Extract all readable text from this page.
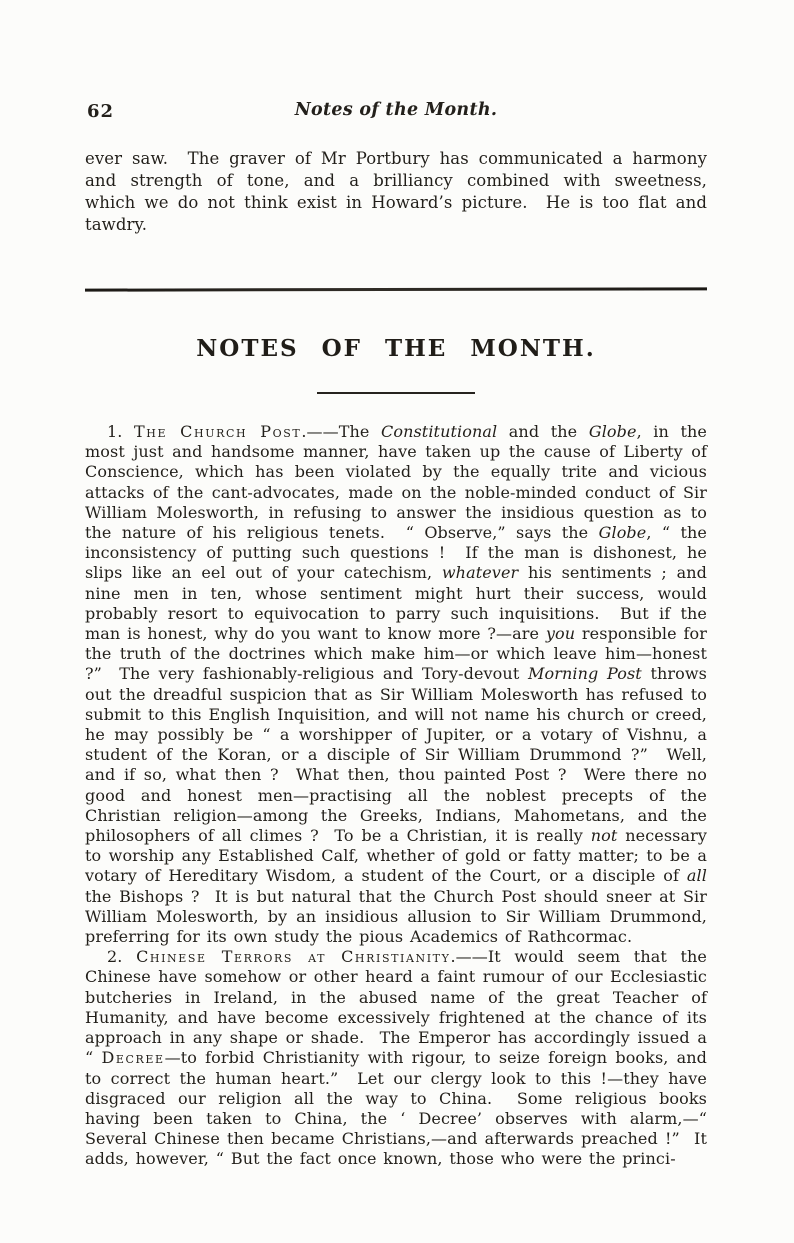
62	Notes of the Month.

ever saw.  The graver of Mr Portbury has communicated a harmony and strength of tone, and a brilliancy combined with sweetness, which we do not think exist in Howard’s picture.  He is too flat and tawdry.

NOTES OF THE MONTH.

1. The Church Post.——The Constitutional and the Globe, in the most just and handsome manner, have taken up the cause of Liberty of Conscience, which has been violated by the equally trite and vicious attacks of the cant-advocates, made on the noble-minded conduct of Sir William Molesworth, in refusing to answer the insidious question as to the nature of his religious tenets.  “ Observe,” says the Globe, “ the inconsistency of putting such questions !  If the man is dishonest, he slips like an eel out of your catechism, whatever his sentiments ; and nine men in ten, whose sentiment might hurt their success, would probably resort to equivocation to parry such inquisitions.  But if the man is honest, why do you want to know more ?—are you responsible for the truth of the doctrines which make him—or which leave him—honest ?”  The very fashionably-religious and Tory-devout Morning Post throws out the dreadful suspicion that as Sir William Molesworth has refused to submit to this English Inquisition, and will not name his church or creed, he may possibly be “ a worshipper of Jupiter, or a votary of Vishnu, a student of the Koran, or a disciple of Sir William Drummond ?”  Well, and if so, what then ?  What then, thou painted Post ?  Were there no good and honest men—practising all the noblest precepts of the Christian religion—among the Greeks, Indians, Mahometans, and the philosophers of all climes ?  To be a Christian, it is really not necessary to worship any Established Calf, whether of gold or fatty matter; to be a votary of Hereditary Wisdom, a student of the Court, or a disciple of all the Bishops ?  It is but natural that the Church Post should sneer at Sir William Molesworth, by an insidious allusion to Sir William Drummond, preferring for its own study the pious Academics of Rathcormac.

2. Chinese Terrors at Christianity.——It would seem that the Chinese have somehow or other heard a faint rumour of our Ecclesiastic butcheries in Ireland, in the abused name of the great Teacher of Humanity, and have become excessively frightened at the chance of its approach in any shape or shade.  The Emperor has accordingly issued a “ Decree—to forbid Christianity with rigour, to seize foreign books, and to correct the human heart.”  Let our clergy look to this !—they have disgraced our religion all the way to China.  Some religious books having been taken to China, the ‘ Decree’ observes with alarm,—“ Several Chinese then became Christians,—and afterwards preached !”  It adds, however, “ But the fact once known, those who were the princi-
